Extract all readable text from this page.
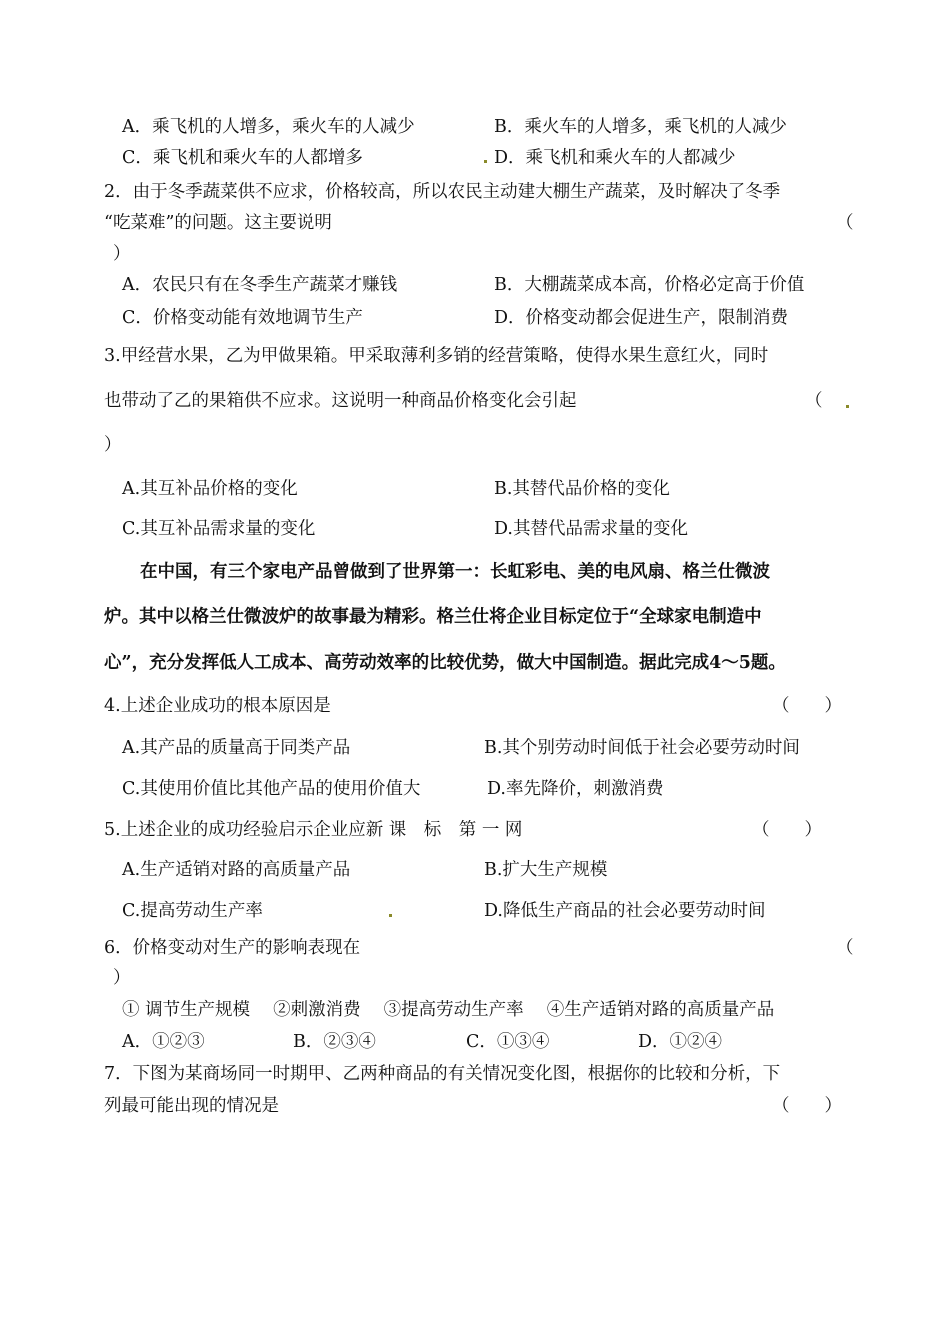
A．乘飞机的人增多，乘火车的人减少	B．乘火车的人增多，乘飞机的人减少
C．乘飞机和乘火车的人都增多	D．乘飞机和乘火车的人都减少
2．由于冬季蔬菜供不应求，价格较高，所以农民主动建大棚生产蔬菜，及时解决了冬季
“吃菜难”的问题。这主要说明	（
）
A．农民只有在冬季生产蔬菜才赚钱	B．大棚蔬菜成本高，价格必定高于价值
C．价格变动能有效地调节生产	D．价格变动都会促进生产，限制消费
3.甲经营水果，乙为甲做果箱。甲采取薄利多销的经营策略，使得水果生意红火，同时
也带动了乙的果箱供不应求。这说明一种商品价格变化会引起	（
）
A.其互补品价格的变化	B.其替代品价格的变化
C.其互补品需求量的变化	D.其替代品需求量的变化
在中国，有三个家电产品曾做到了世界第一：长虹彩电、美的电风扇、格兰仕微波
炉。其中以格兰仕微波炉的故事最为精彩。格兰仕将企业目标定位于“全球家电制造中
心”，充分发挥低人工成本、高劳动效率的比较优势，做大中国制造。据此完成4～5题。
4.上述企业成功的根本原因是	（　　）
A.其产品的质量高于同类产品	B.其个别劳动时间低于社会必要劳动时间
C.其使用价值比其他产品的使用价值大	D.率先降价，刺激消费
5.上述企业的成功经验启示企业应新 课　标　第 一 网	（　　）
A.生产适销对路的高质量产品	B.扩大生产规模
C.提高劳动生产率	D.降低生产商品的社会必要劳动时间
6．价格变动对生产的影响表现在	（
）
① 调节生产规模　 ②刺激消费　 ③提高劳动生产率　 ④生产适销对路的高质量产品
A．①②③	B．②③④	C．①③④	D．①②④
7．下图为某商场同一时期甲、乙两种商品的有关情况变化图，根据你的比较和分析，下
列最可能出现的情况是	（　　）
